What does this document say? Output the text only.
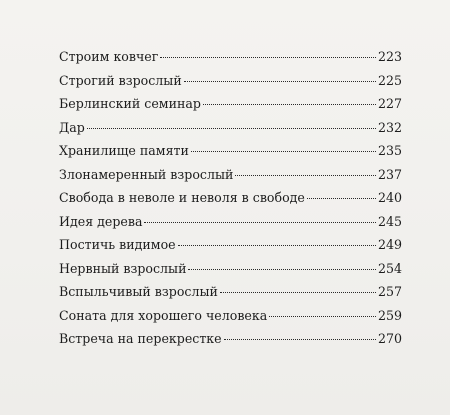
Строим ковчег	223
Строгий взрослый	225
Берлинский семинар	227
Дар	232
Хранилище памяти	235
Злонамеренный взрослый	237
Свобода в неволе и неволя в свободе	240
Идея дерева	245
Постичь видимое	249
Нервный взрослый	254
Вспыльчивый взрослый	257
Соната для хорошего человека	259
Встреча на перекрестке	270
